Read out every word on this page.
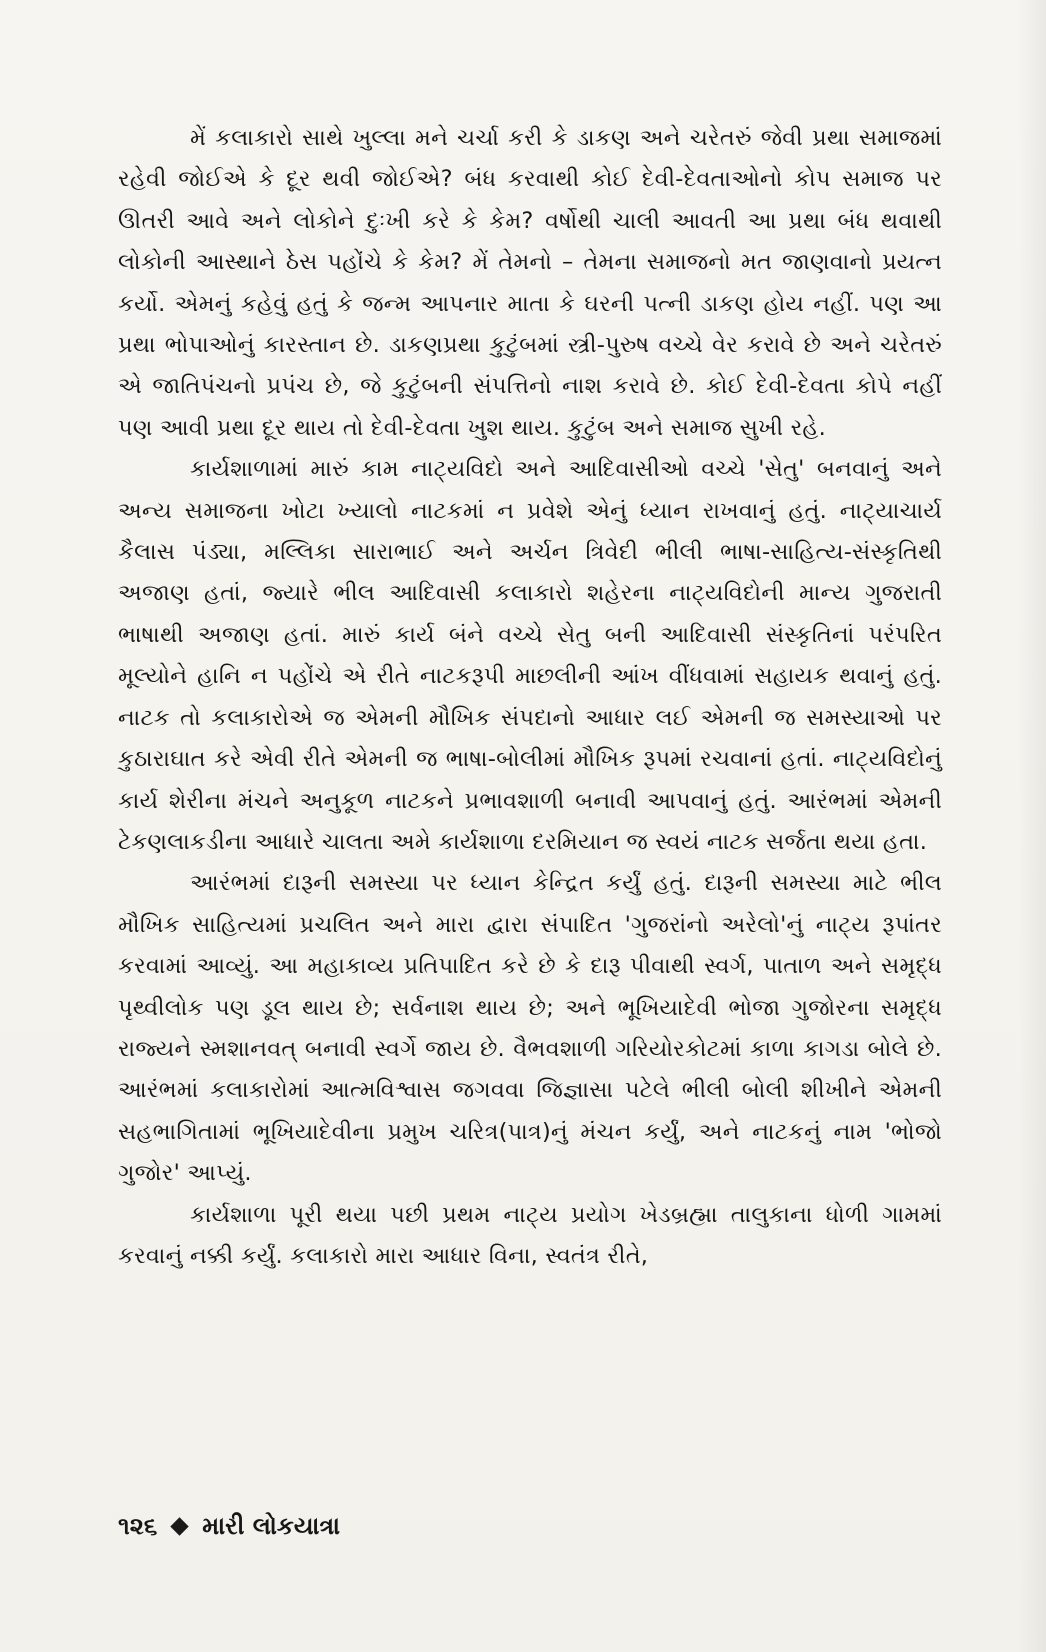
મેં કલાકારો સાથે ખુલ્લા મને ચર્ચા કરી કે ડાકણ અને ચરેતરું જેવી પ્રથા સમાજમાં રહેવી જોઈએ કે દૂર થવી જોઈએ? બંધ કરવાથી કોઈ દેવી-દેવતાઓનો કોપ સમાજ પર ઊતરી આવે અને લોકોને દુઃખી કરે કે કેમ? વર્ષોથી ચાલી આવતી આ પ્રથા બંધ થવાથી લોકોની આસ્થાને ઠેસ પહોંચે કે કેમ? મેં તેમનો – તેમના સમાજનો મત જાણવાનો પ્રયત્ન કર્યો. એમનું કહેવું હતું કે જન્મ આપનાર માતા કે ઘરની પત્ની ડાકણ હોય નહીં. પણ આ પ્રથા ભોપાઓનું કારસ્તાન છે. ડાકણપ્રથા કુટુંબમાં સ્ત્રી-પુરુષ વચ્ચે વેર કરાવે છે અને ચરેતરું એ જાતિપંચનો પ્રપંચ છે, જે કુટુંબની સંપત્તિનો નાશ કરાવે છે. કોઈ દેવી-દેવતા કોપે નહીં પણ આવી પ્રથા દૂર થાય તો દેવી-દેવતા ખુશ થાય. કુટુંબ અને સમાજ સુખી રહે.

કાર્યશાળામાં મારું કામ નાટ્યવિદો અને આદિવાસીઓ વચ્ચે 'સેતુ' બનવાનું અને અન્ય સમાજના ખોટા ખ્યાલો નાટકમાં ન પ્રવેશે એનું ધ્યાન રાખવાનું હતું. નાટ્યાચાર્ય કૈલાસ પંડ્યા, મલ્લિકા સારાભાઈ અને અર્ચન ત્રિવેદી ભીલી ભાષા-સાહિત્ય-સંસ્કૃતિથી અજાણ હતાં, જ્યારે ભીલ આદિવાસી કલાકારો શહેરના નાટ્યવિદોની માન્ય ગુજરાતી ભાષાથી અજાણ હતાં. મારું કાર્ય બંને વચ્ચે સેતુ બની આદિવાસી સંસ્કૃતિનાં પરંપરિત મૂલ્યોને હાનિ ન પહોંચે એ રીતે નાટકરૂપી માછલીની આંખ વીંધવામાં સહાયક થવાનું હતું. નાટક તો કલાકારોએ જ એમની મૌખિક સંપદાનો આધાર લઈ એમની જ સમસ્યાઓ પર કુઠારાઘાત કરે એવી રીતે એમની જ ભાષા-બોલીમાં મૌખિક રૂપમાં રચવાનાં હતાં. નાટ્યવિદોનું કાર્ય શેરીના મંચને અનુકૂળ નાટકને પ્રભાવશાળી બનાવી આપવાનું હતું. આરંભમાં એમની ટેકણલાકડીના આધારે ચાલતા અમે કાર્યશાળા દરમિયાન જ સ્વયં નાટક સર્જતા થયા હતા.

આરંભમાં દારૂની સમસ્યા પર ધ્યાન કેન્દ્રિત કર્યું હતું. દારૂની સમસ્યા માટે ભીલ મૌખિક સાહિત્યમાં પ્રચલિત અને મારા દ્વારા સંપાદિત 'ગુજરાંનો અરેલો'નું નાટ્ય રૂપાંતર કરવામાં આવ્યું. આ મહાકાવ્ય પ્રતિપાદિત કરે છે કે દારૂ પીવાથી સ્વર્ગ, પાતાળ અને સમૃદ્ધ પૃથ્વીલોક પણ ડૂલ થાય છે; સર્વનાશ થાય છે; અને ભૂખિયાદેવી ભોજા ગુજોરના સમૃદ્ધ રાજ્યને સ્મશાનવત્ બનાવી સ્વર્ગે જાય છે. વૈભવશાળી ગરિયોરકોટમાં કાળા કાગડા બોલે છે. આરંભમાં કલાકારોમાં આત્મવિશ્વાસ જગવવા જિજ્ઞાસા પટેલે ભીલી બોલી શીખીને એમની સહભાગિતામાં ભૂખિયાદેવીના પ્રમુખ ચરિત્ર(પાત્ર)નું મંચન કર્યું, અને નાટકનું નામ 'ભોજો ગુજોર' આપ્યું.

કાર્યશાળા પૂરી થયા પછી પ્રથમ નાટ્ય પ્રયોગ ખેડબ્રહ્મા તાલુકાના ધોળી ગામમાં કરવાનું નક્કી કર્યું. કલાકારો મારા આધાર વિના, સ્વતંત્ર રીતે,

૧૨૬ મારી લોકયાત્રા
